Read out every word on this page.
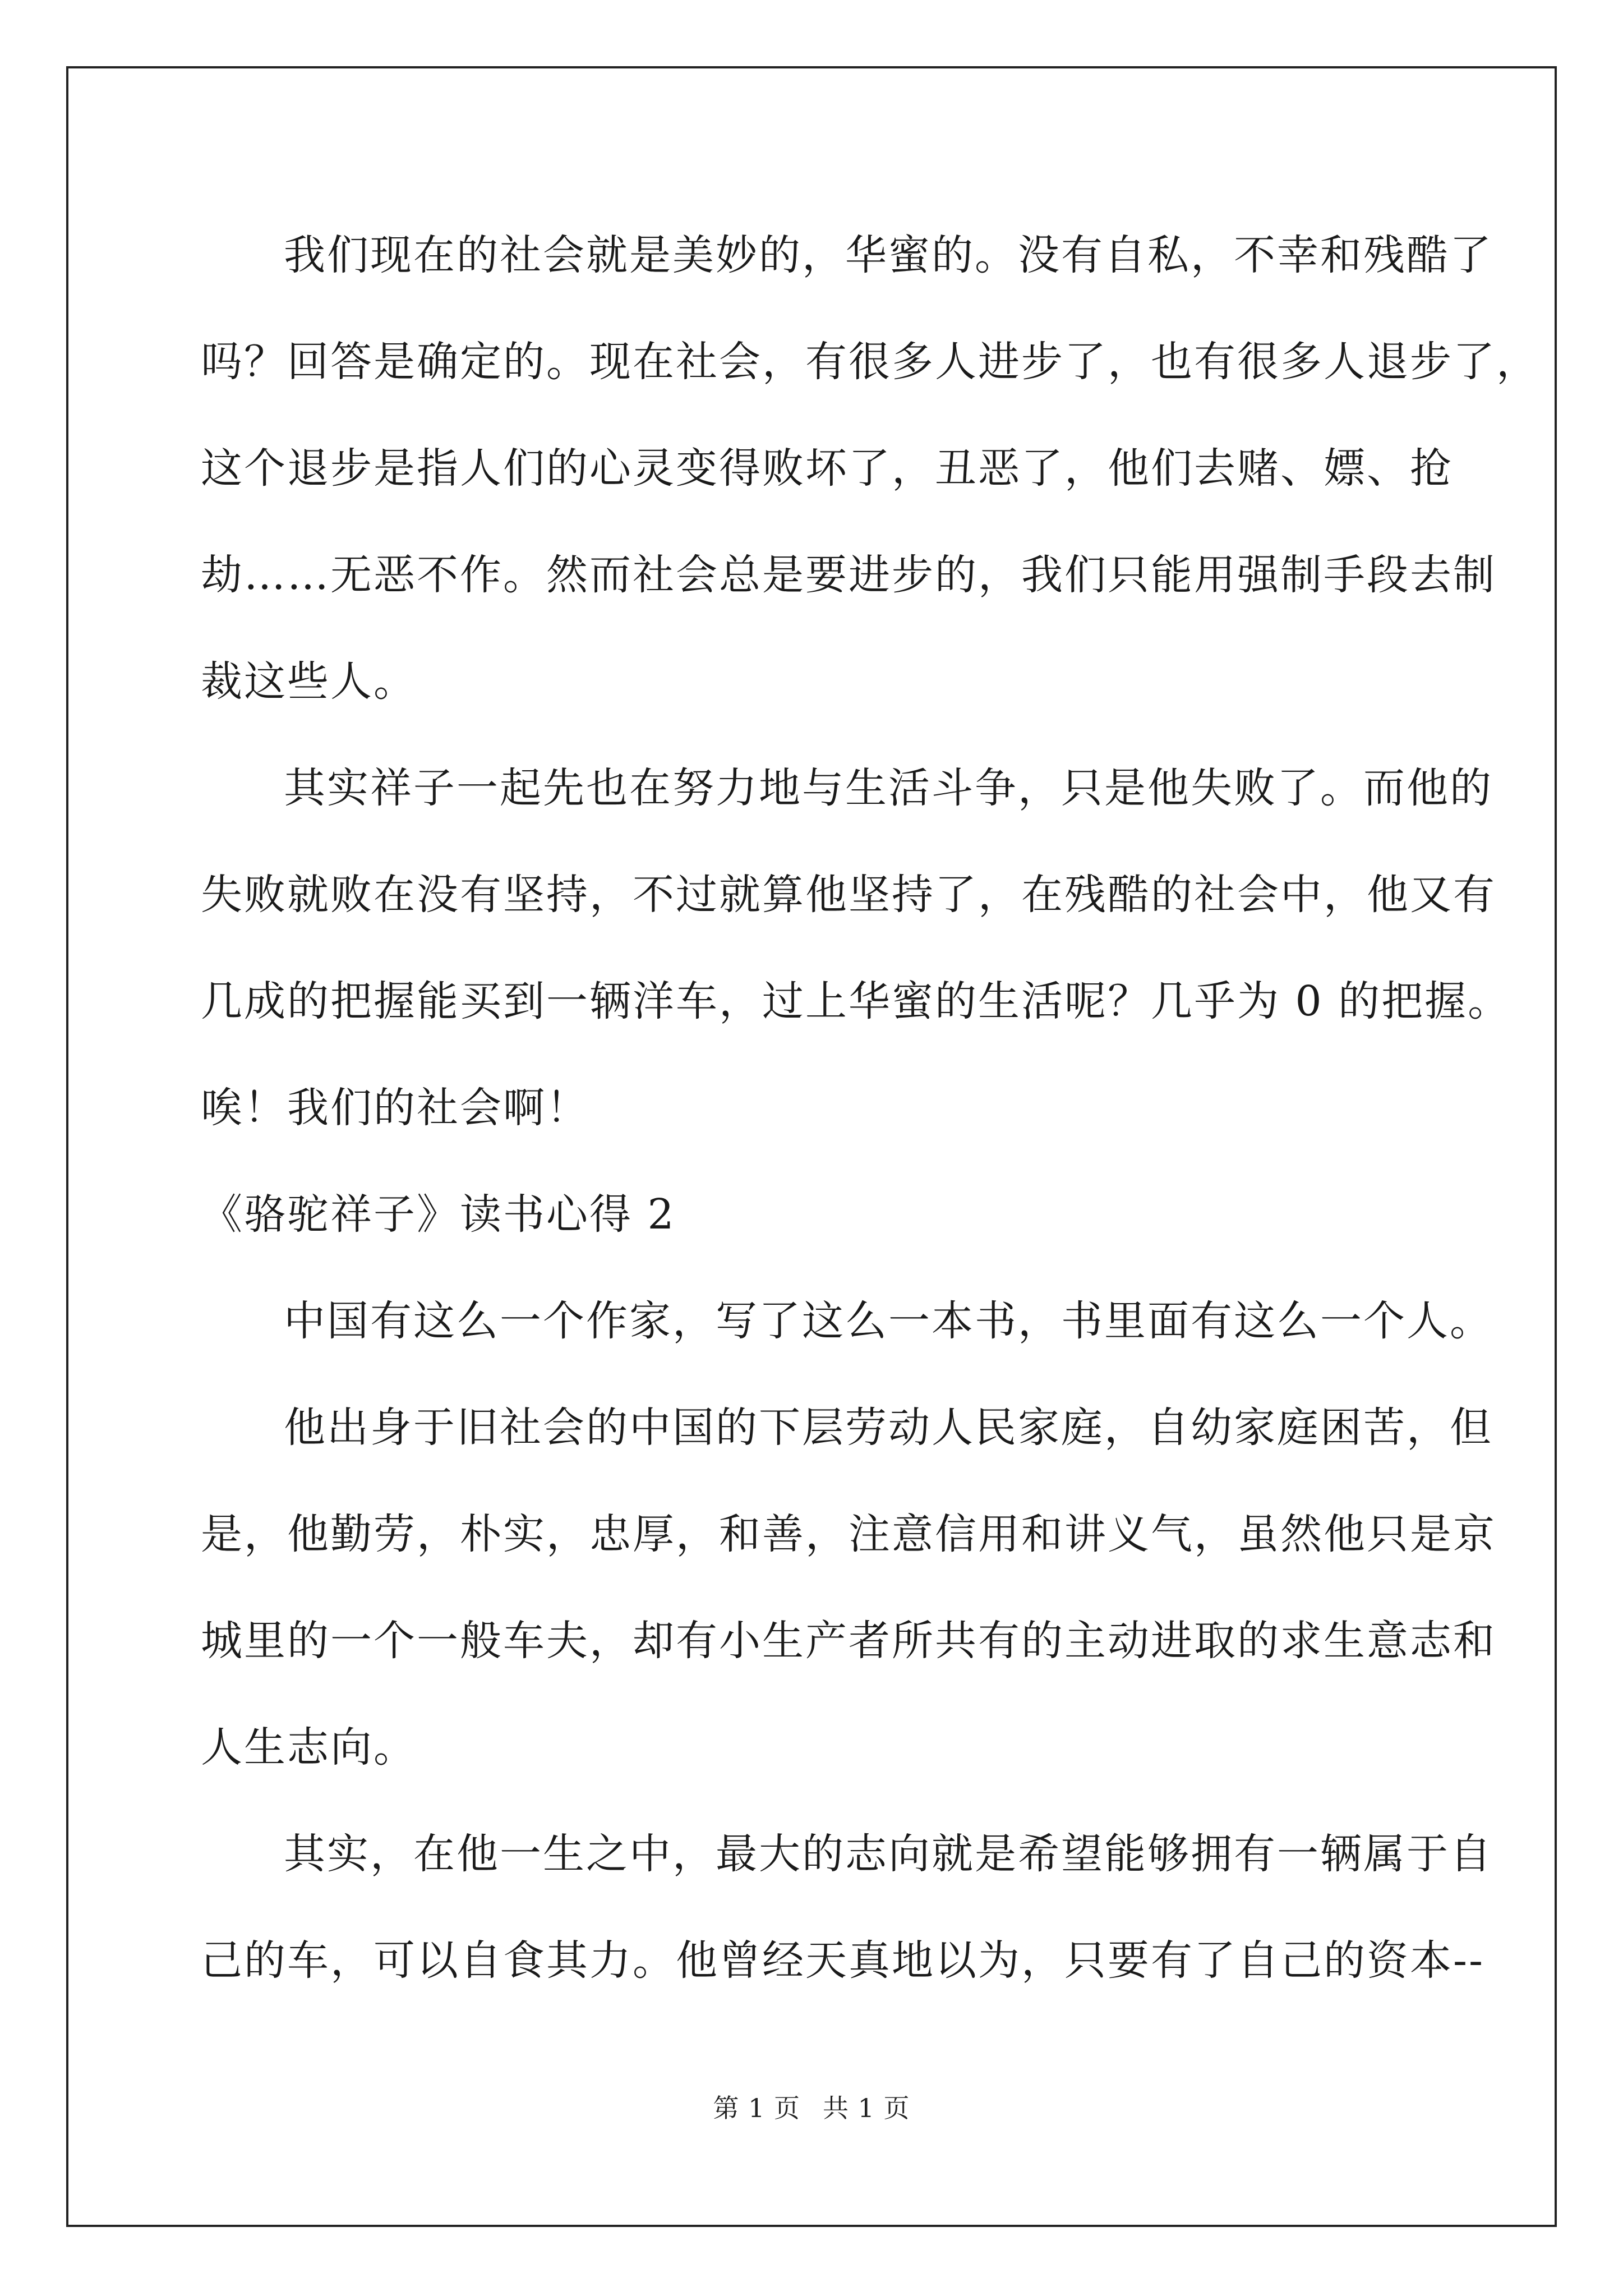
我们现在的社会就是美妙的，华蜜的。没有自私，不幸和残酷了
吗？回答是确定的。现在社会，有很多人进步了，也有很多人退步了，
这个退步是指人们的心灵变得败坏了，丑恶了，他们去赌、嫖、抢
劫……无恶不作。然而社会总是要进步的，我们只能用强制手段去制
裁这些人。
其实祥子一起先也在努力地与生活斗争，只是他失败了。而他的
失败就败在没有坚持，不过就算他坚持了，在残酷的社会中，他又有
几成的把握能买到一辆洋车，过上华蜜的生活呢？几乎为 0 的把握。
唉！我们的社会啊！
《骆驼祥子》读书心得 2
中国有这么一个作家，写了这么一本书，书里面有这么一个人。
他出身于旧社会的中国的下层劳动人民家庭，自幼家庭困苦，但
是，他勤劳，朴实，忠厚，和善，注意信用和讲义气，虽然他只是京
城里的一个一般车夫，却有小生产者所共有的主动进取的求生意志和
人生志向。
其实，在他一生之中，最大的志向就是希望能够拥有一辆属于自
己的车，可以自食其力。他曾经天真地以为，只要有了自己的资本--
第 1 页 共 1 页
